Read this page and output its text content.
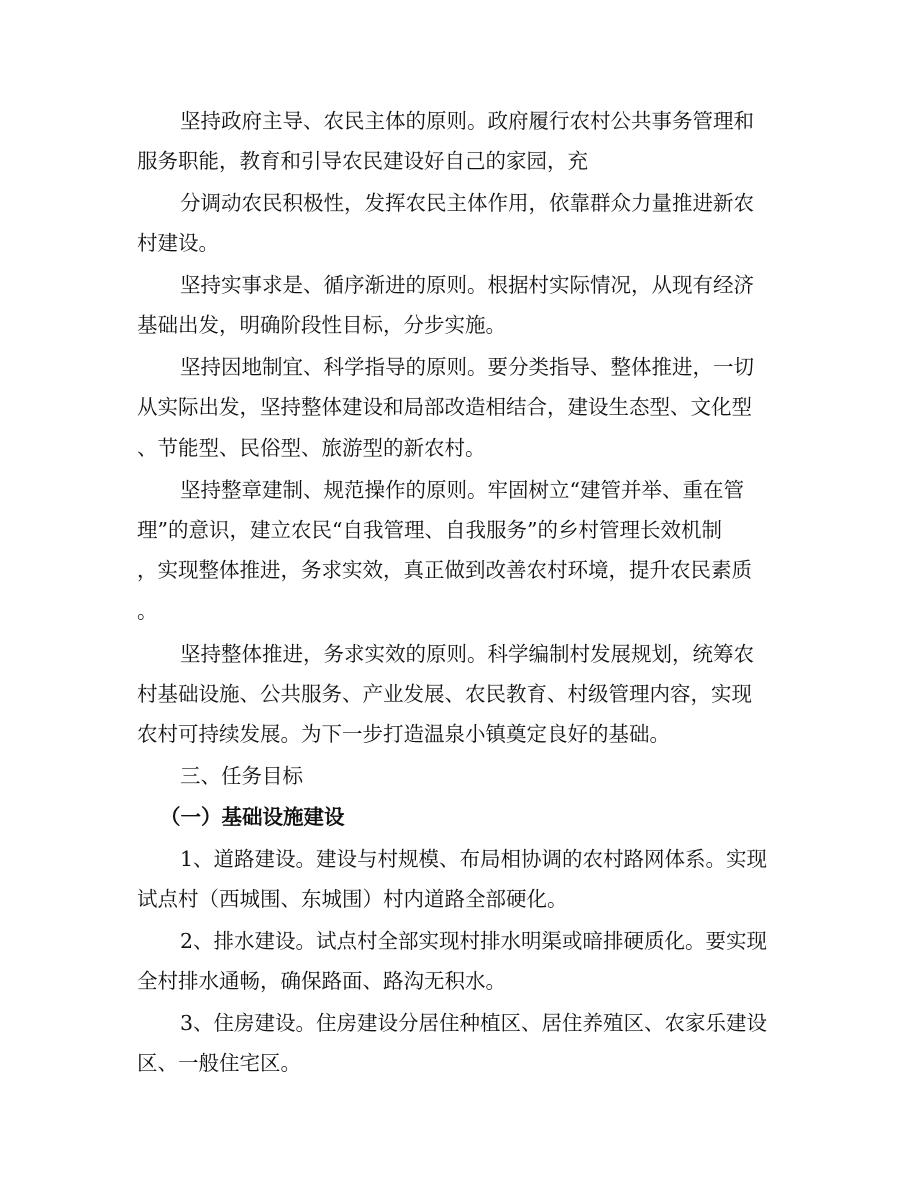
坚持政府主导、农民主体的原则。政府履行农村公共事务管理和
服务职能，教育和引导农民建设好自己的家园，充
分调动农民积极性，发挥农民主体作用，依靠群众力量推进新农
村建设。
坚持实事求是、循序渐进的原则。根据村实际情况，从现有经济
基础出发，明确阶段性目标，分步实施。
坚持因地制宜、科学指导的原则。要分类指导、整体推进，一切
从实际出发，坚持整体建设和局部改造相结合，建设生态型、文化型
、节能型、民俗型、旅游型的新农村。
坚持整章建制、规范操作的原则。牢固树立“建管并举、重在管
理”的意识，建立农民“自我管理、自我服务”的乡村管理长效机制
，实现整体推进，务求实效，真正做到改善农村环境，提升农民素质
。
坚持整体推进，务求实效的原则。科学编制村发展规划，统筹农
村基础设施、公共服务、产业发展、农民教育、村级管理内容，实现
农村可持续发展。为下一步打造温泉小镇奠定良好的基础。
三、任务目标
（一）基础设施建设
1、道路建设。建设与村规模、布局相协调的农村路网体系。实现
试点村（西城围、东城围）村内道路全部硬化。
2、排水建设。试点村全部实现村排水明渠或暗排硬质化。要实现
全村排水通畅，确保路面、路沟无积水。
3、住房建设。住房建设分居住种植区、居住养殖区、农家乐建设
区、一般住宅区。
